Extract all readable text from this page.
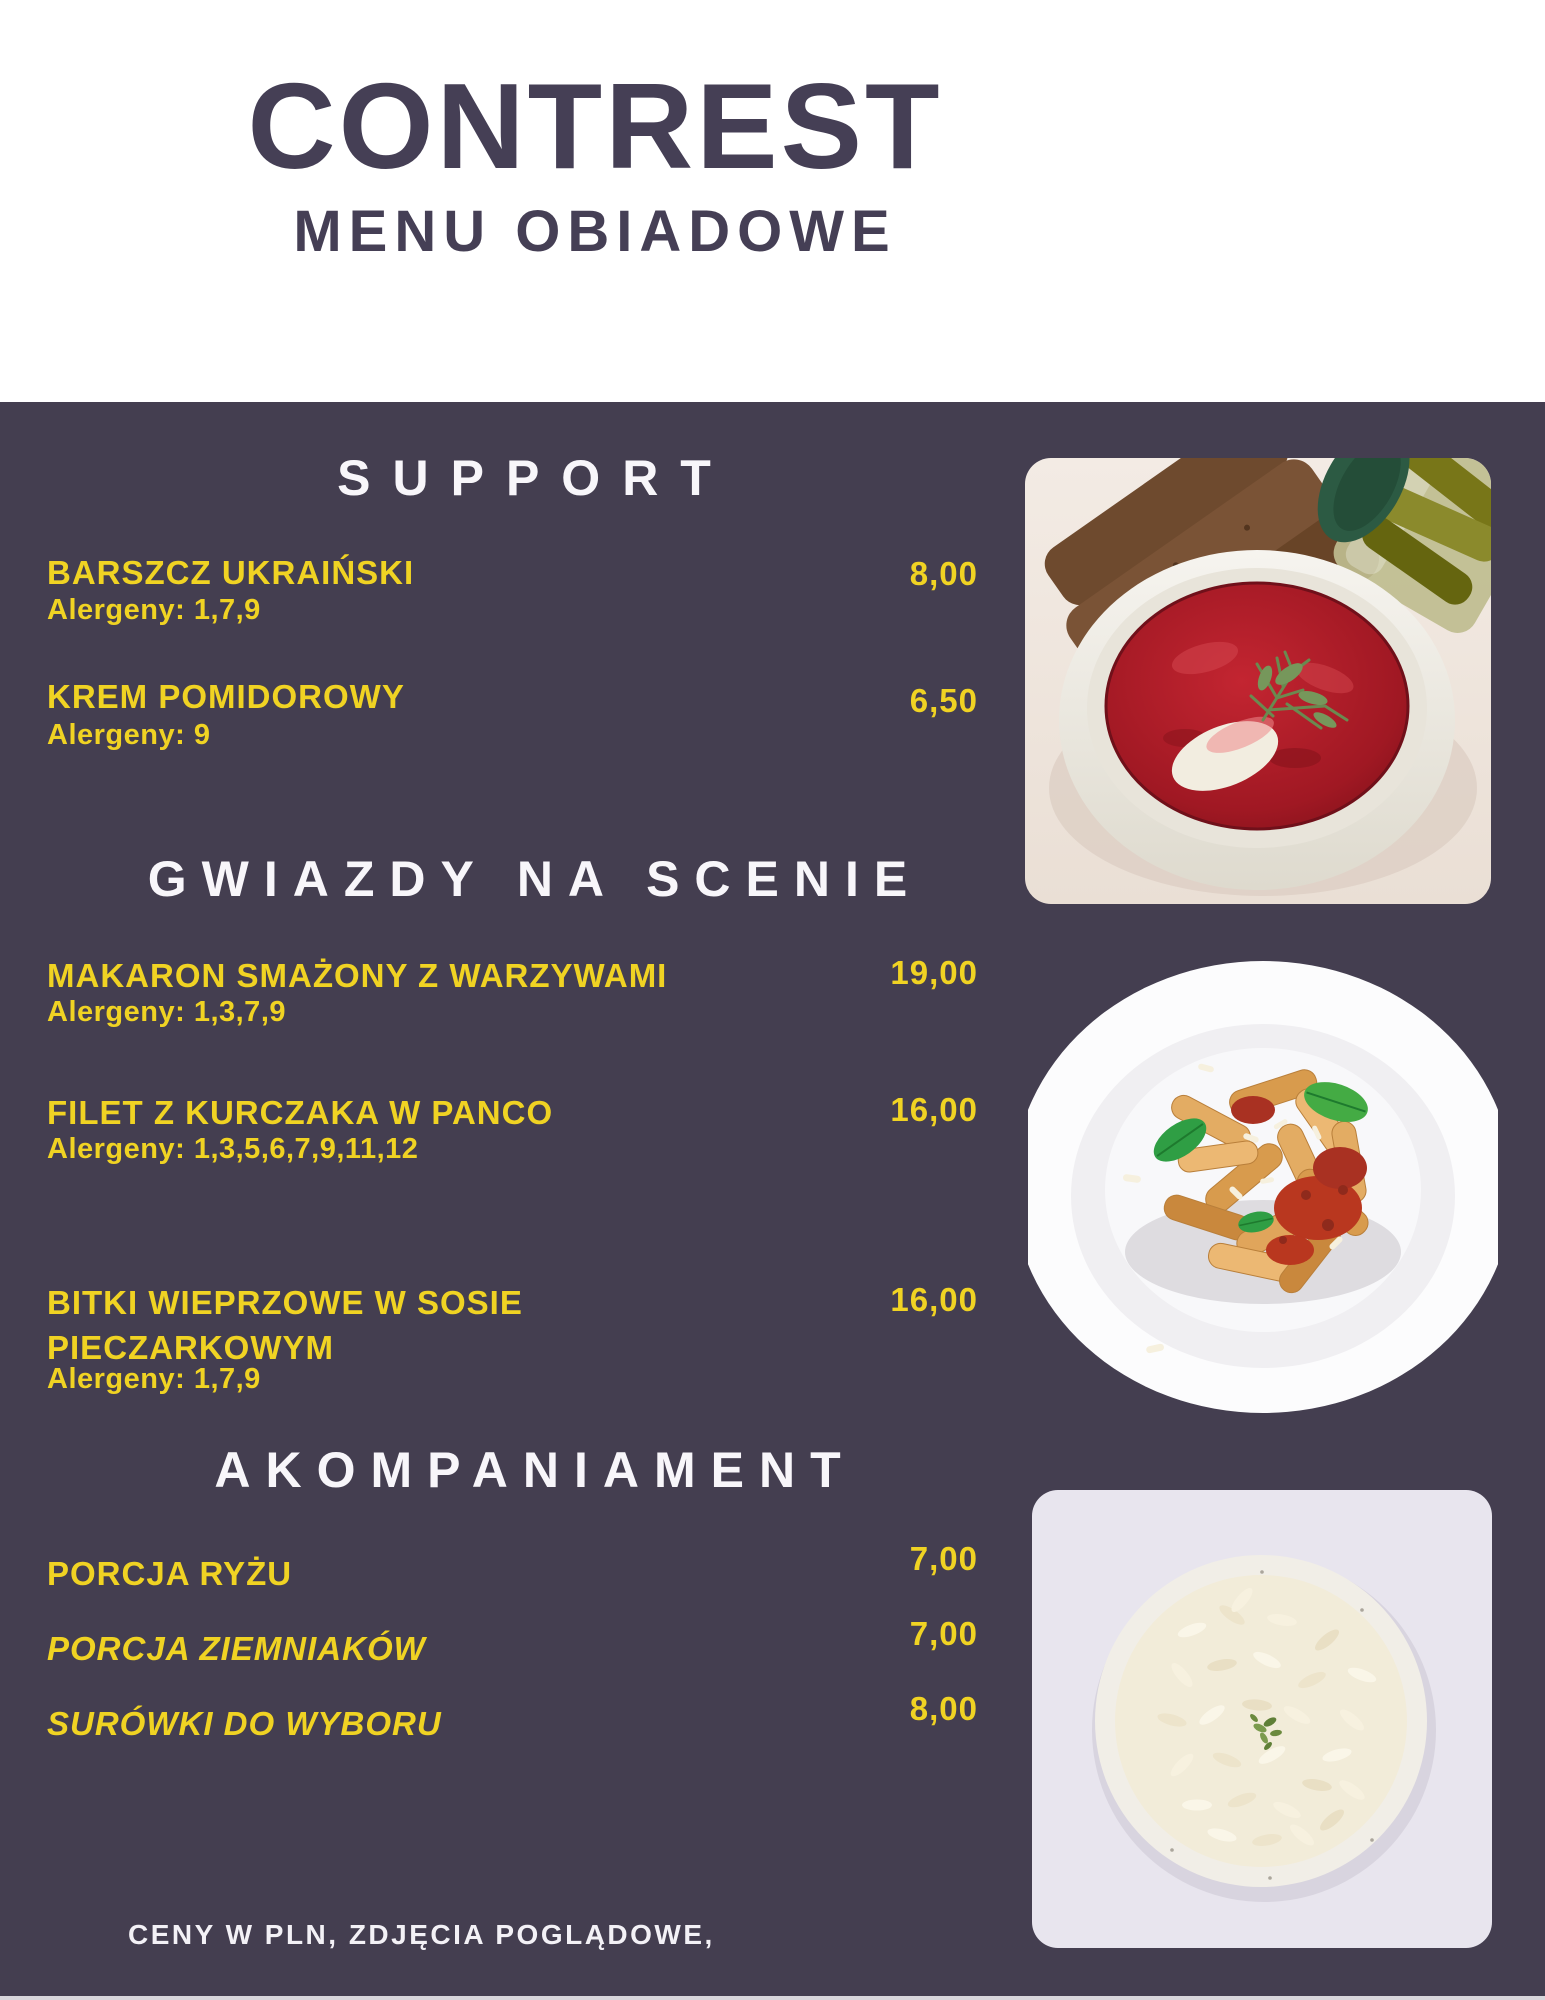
CONTREST
MENU OBIADOWE
SUPPORT
BARSZCZ UKRAIŃSKI
Alergeny: 1,7,9
8,00
KREM POMIDOROWY
Alergeny: 9
6,50
GWIAZDY NA SCENIE
MAKARON SMAŻONY Z WARZYWAMI
Alergeny: 1,3,7,9
19,00
FILET Z KURCZAKA W PANCO
Alergeny: 1,3,5,6,7,9,11,12
16,00
BITKI WIEPRZOWE W SOSIE PIECZARKOWYM
Alergeny: 1,7,9
16,00
AKOMPANIAMENT
PORCJA RYŻU	7,00
PORCJA ZIEMNIAKÓW	7,00
SURÓWKI DO WYBORU	8,00
CENY W PLN, ZDJĘCIA POGLĄDOWE,
